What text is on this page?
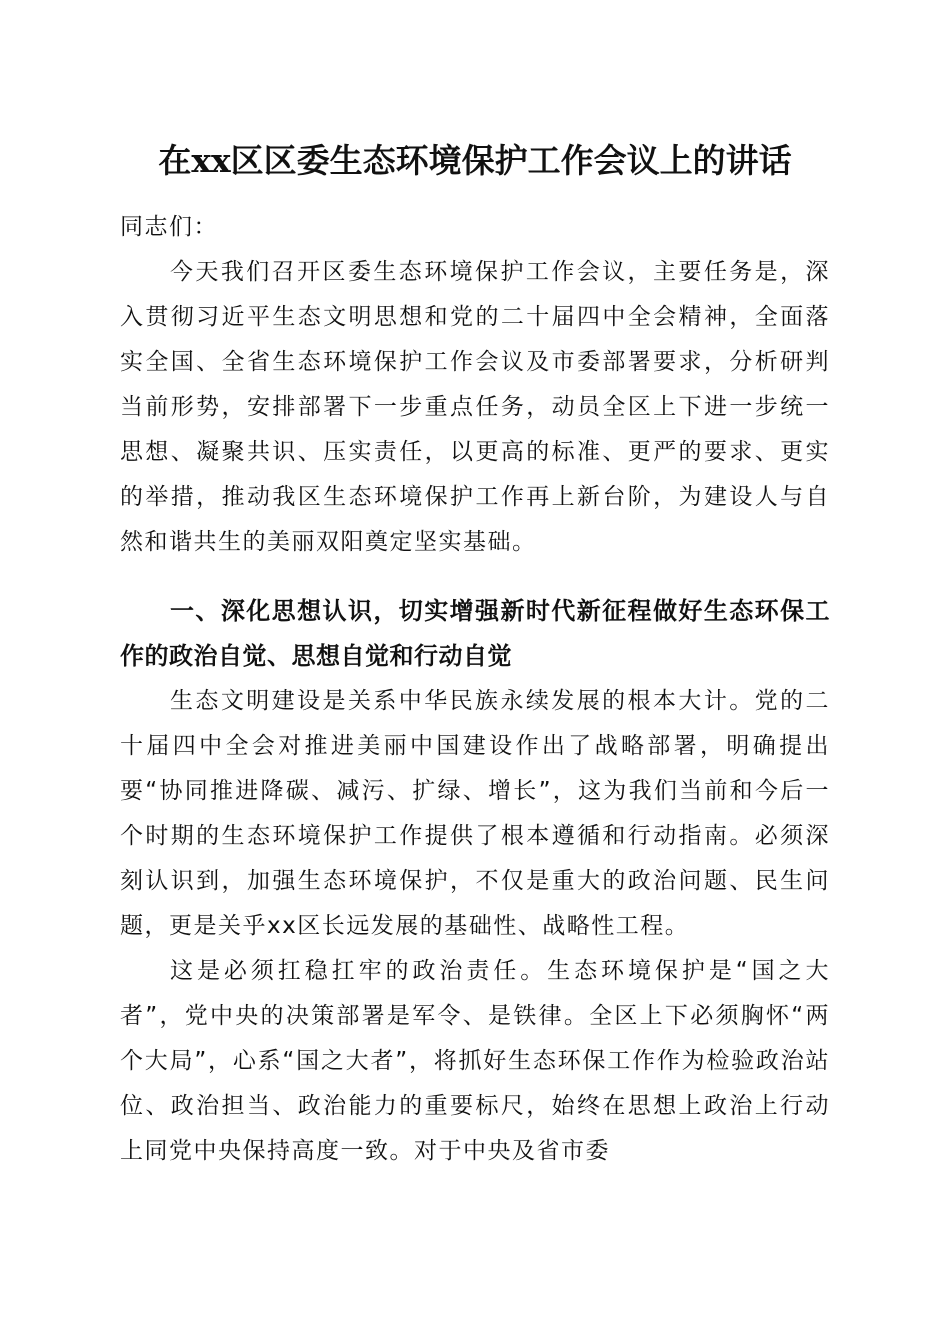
在xx区区委生态环境保护工作会议上的讲话

同志们：

今天我们召开区委生态环境保护工作会议，主要任务是，深入贯彻习近平生态文明思想和党的二十届四中全会精神，全面落实全国、全省生态环境保护工作会议及市委部署要求，分析研判当前形势，安排部署下一步重点任务，动员全区上下进一步统一思想、凝聚共识、压实责任，以更高的标准、更严的要求、更实的举措，推动我区生态环境保护工作再上新台阶，为建设人与自然和谐共生的美丽双阳奠定坚实基础。

一、深化思想认识，切实增强新时代新征程做好生态环保工作的政治自觉、思想自觉和行动自觉

生态文明建设是关系中华民族永续发展的根本大计。党的二十届四中全会对推进美丽中国建设作出了战略部署，明确提出要“协同推进降碳、减污、扩绿、增长”，这为我们当前和今后一个时期的生态环境保护工作提供了根本遵循和行动指南。必须深刻认识到，加强生态环境保护，不仅是重大的政治问题、民生问题，更是关乎xx区长远发展的基础性、战略性工程。

这是必须扛稳扛牢的政治责任。生态环境保护是“国之大者”，党中央的决策部署是军令、是铁律。全区上下必须胸怀“两个大局”，心系“国之大者”，将抓好生态环保工作作为检验政治站位、政治担当、政治能力的重要标尺，始终在思想上政治上行动上同党中央保持高度一致。对于中央及省市委
